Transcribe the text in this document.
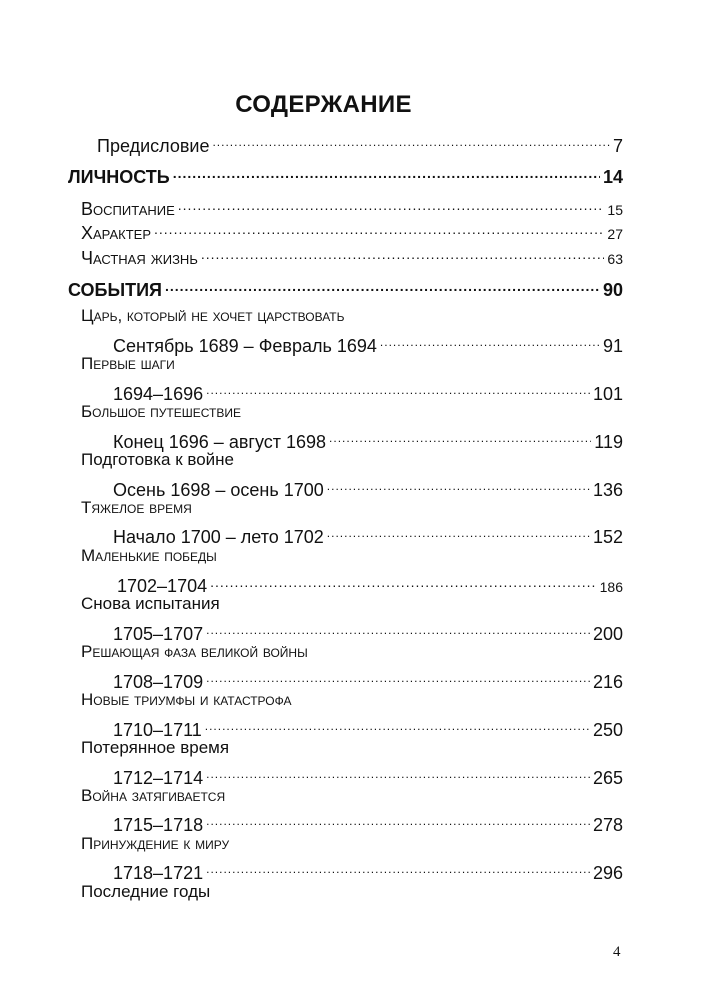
СОДЕРЖАНИЕ
Предисловие .....	7
ЛИЧНОСТЬ .....	14
Воспитание .....	15
Характер .....	27
Частная жизнь .....	63
СОБЫТИЯ .....	90
Царь, который не хочет царствовать
Сентябрь 1689 – Февраль 1694 .....	91
Первые шаги
1694–1696 .....	101
Большое путешествие
Конец 1696 – август 1698 .....	119
Подготовка к войне
Осень 1698 – осень 1700 .....	136
Тяжелое время
Начало 1700 – лето 1702 .....	152
Маленькие победы
1702–1704 .....	186
Снова испытания
1705–1707 .....	200
Решающая фаза великой войны
1708–1709 .....	216
Новые триумфы и катастрофа
1710–1711 .....	250
Потерянное время
1712–1714 .....	265
Война затягивается
1715–1718 .....	278
Принуждение к миру
1718–1721 .....	296
Последние годы
4
